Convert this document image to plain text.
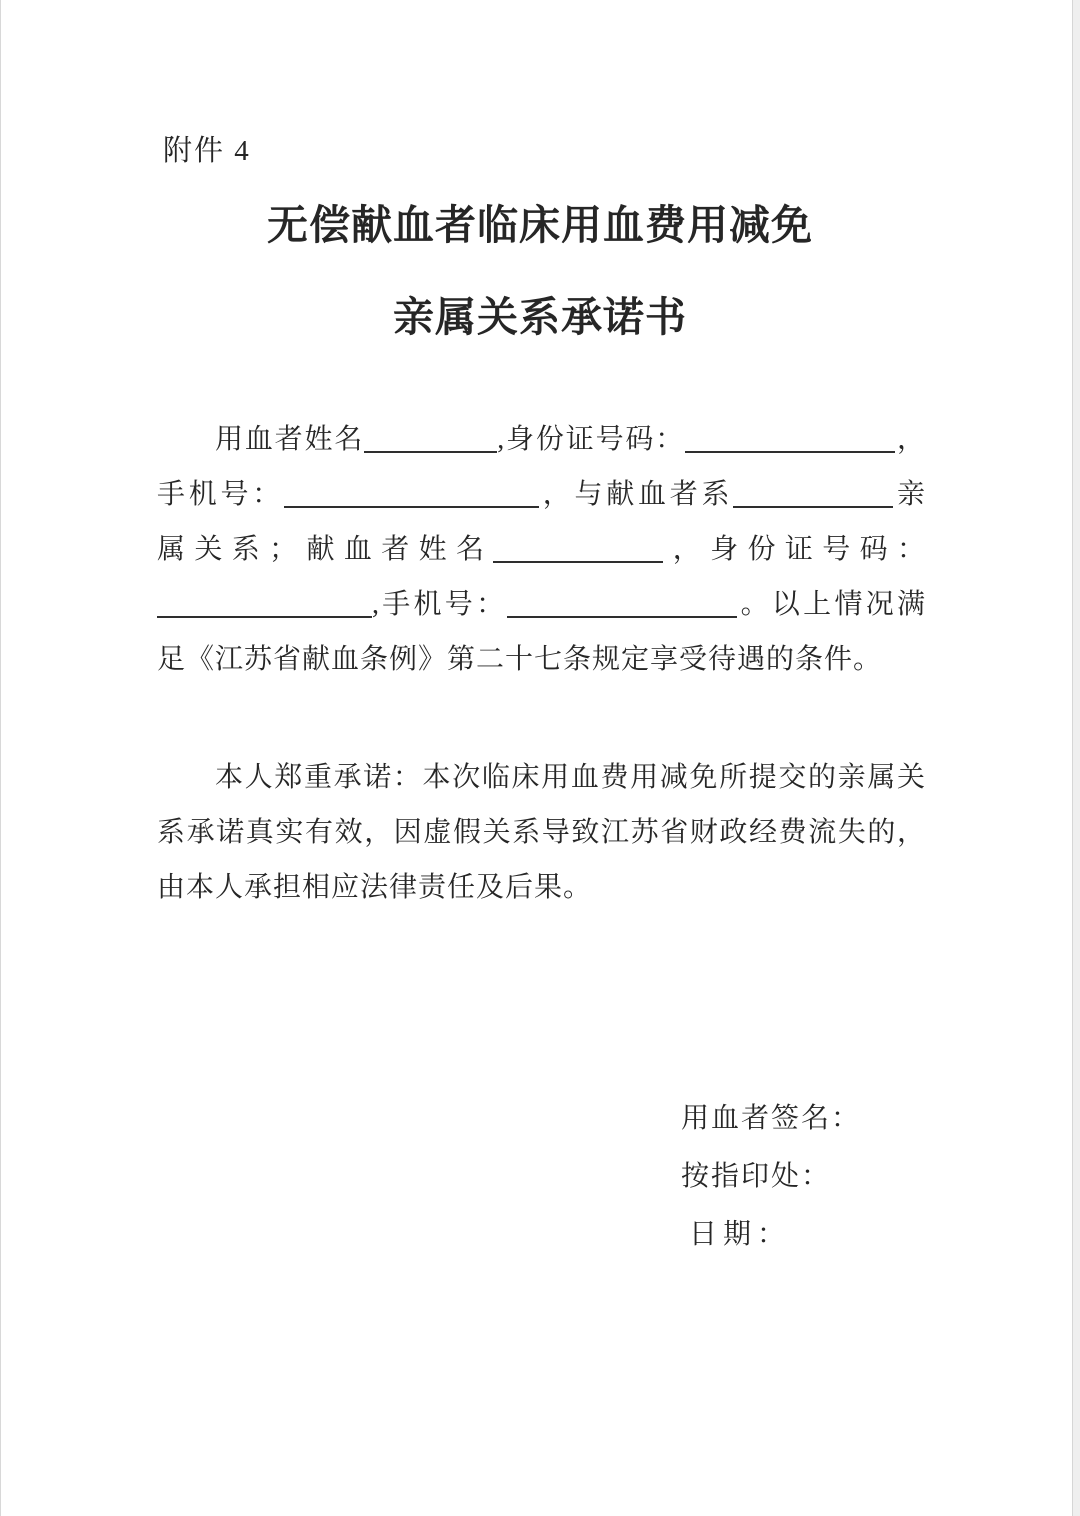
附件 4
无偿献血者临床用血费用减免
亲属关系承诺书
用血者姓名	,身份证号码：	，
手机号：	，与献血者系	亲
属关系；献血者姓名	，身份证号码：
,手机号：	。以上情况满
足《江苏省献血条例》第二十七条规定享受待遇的条件。
本人郑重承诺：本次临床用血费用减免所提交的亲属关
系承诺真实有效，因虚假关系导致江苏省财政经费流失的，
由本人承担相应法律责任及后果。
用血者签名：
按指印处：
日期：
